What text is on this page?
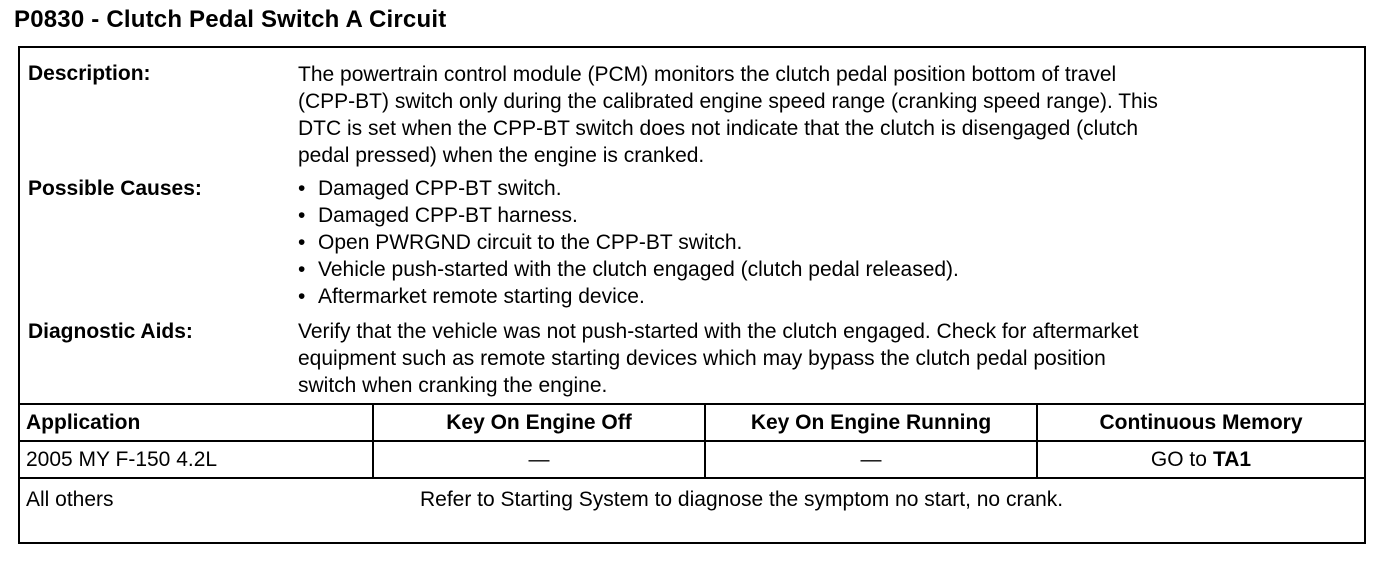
P0830 - Clutch Pedal Switch A Circuit
Description:	The powertrain control module (PCM) monitors the clutch pedal position bottom of travel

(CPP-BT) switch only during the calibrated engine speed range (cranking speed range). This

DTC is set when the CPP-BT switch does not indicate that the clutch is disengaged (clutch

pedal pressed) when the engine is cranked.

Possible Causes:	• Damaged CPP-BT switch.
• Damaged CPP-BT harness.
• Open PWRGND circuit to the CPP-BT switch.
• Vehicle push-started with the clutch engaged (clutch pedal released).
• Aftermarket remote starting device.
Diagnostic Aids:	Verify that the vehicle was not push-started with the clutch engaged. Check for aftermarket

equipment such as remote starting devices which may bypass the clutch pedal position

switch when cranking the engine.

Application	Key On Engine Off	Key On Engine Running	Continuous Memory
2005 MY F-150 4.2L	—	—	GO to TA1
All others	Refer to Starting System to diagnose the symptom no start, no crank.
